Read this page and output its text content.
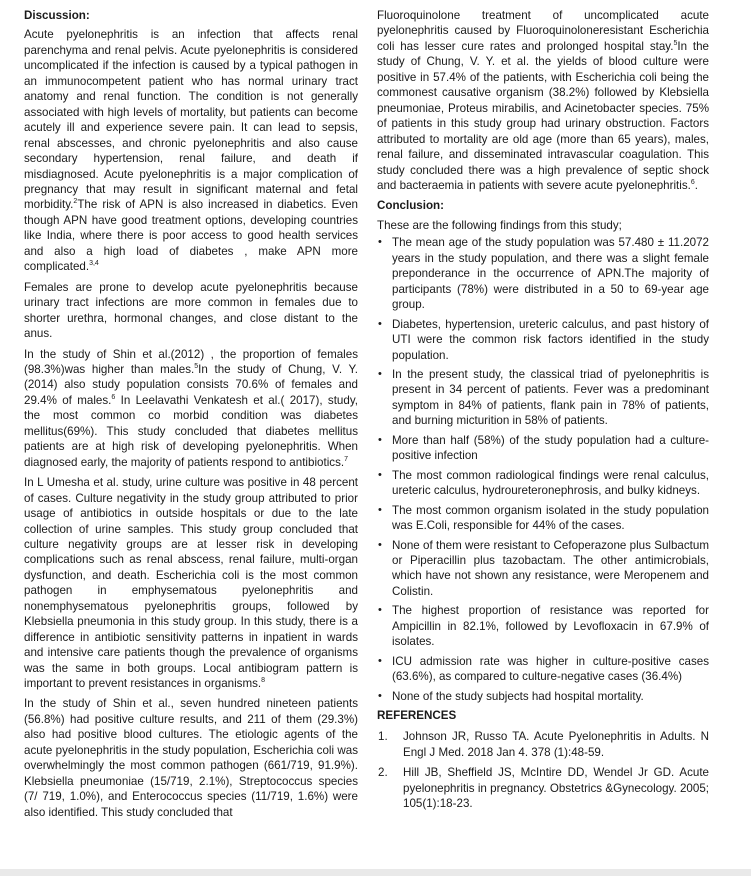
Discussion:

Acute pyelonephritis is an infection that affects renal parenchyma and renal pelvis. Acute pyelonephritis is considered uncomplicated if the infection is caused by a typical pathogen in an immunocompetent patient who has normal urinary tract anatomy and renal function. The condition is not generally associated with high levels of mortality, but patients can become acutely ill and experience severe pain. It can lead to sepsis, renal abscesses, and chronic pyelonephritis and also cause secondary hypertension, renal failure, and death if misdiagnosed. Acute pyelonephritis is a major complication of pregnancy that may result in significant maternal and fetal morbidity.$^2$The risk of APN is also increased in diabetics. Even though APN have good treatment options, developing countries like India, where there is poor access to good health services and also a high load of diabetes , make APN more complicated.$^{3,4}$

Females are prone to develop acute pyelonephritis because urinary tract infections are more common in females due to shorter urethra, hormonal changes, and close distant to the anus.

In the study of Shin et al.(2012) , the proportion of females (98.3%)was higher than males.$^5$In the study of Chung, V. Y.(2014) also study population consists 70.6% of females and 29.4% of males.$^6$ In Leelavathi Venkatesh et al.( 2017), study, the most common co morbid condition was diabetes mellitus(69%). This study concluded that diabetes mellitus patients are at high risk of developing pyelonephritis. When diagnosed early, the majority of patients respond to antibiotics.$^7$

In L Umesha et al. study, urine culture was positive in 48 percent of cases. Culture negativity in the study group attributed to prior usage of antibiotics in outside hospitals or due to the late collection of urine samples. This study group concluded that culture negativity groups are at lesser risk in developing complications such as renal abscess, renal failure, multi-organ dysfunction, and death. Escherichia coli is the most common pathogen in emphysematous pyelonephritis and nonemphysematous pyelonephritis groups, followed by Klebsiella pneumonia in this study group. In this study, there is a difference in antibiotic sensitivity patterns in inpatient in wards and intensive care patients though the prevalence of organisms was the same in both groups. Local antibiogram pattern is important to prevent resistances in organisms.$^8$

In the study of Shin et al., seven hundred nineteen patients (56.8%) had positive culture results, and 211 of them (29.3%) also had positive blood cultures. The etiologic agents of the acute pyelonephritis in the study population, Escherichia coli was overwhelmingly the most common pathogen (661/719, 91.9%). Klebsiella pneumoniae (15/719, 2.1%), Streptococcus species (7/ 719, 1.0%), and Enterococcus species (11/719, 1.6%) were also identified. This study concluded that

Fluoroquinolone treatment of uncomplicated acute pyelonephritis caused by Fluoroquinoloneresistant Escherichia coli has lesser cure rates and prolonged hospital stay.$^5$In the study of Chung, V. Y. et al. the yields of blood culture were positive in 57.4% of the patients, with Escherichia coli being the commonest causative organism (38.2%) followed by Klebsiella pneumoniae, Proteus mirabilis, and Acinetobacter species. 75% of patients in this study group had urinary obstruction. Factors attributed to mortality are old age (more than 65 years), males, renal failure, and disseminated intravascular coagulation. This study concluded there was a high prevalence of septic shock and bacteraemia in patients with severe acute pyelonephritis.$^6$.

Conclusion:

These are the following findings from this study;

• The mean age of the study population was 57.480 ± 11.2072 years in the study population, and there was a slight female preponderance in the occurrence of APN.The majority of participants (78%) were distributed in a 50 to 69-year age group.
• Diabetes, hypertension, ureteric calculus, and past history of UTI were the common risk factors identified in the study population.
• In the present study, the classical triad of pyelonephritis is present in 34 percent of patients. Fever was a predominant symptom in 84% of patients, flank pain in 78% of patients, and burning micturition in 58% of patients.
• More than half (58%) of the study population had a culture-positive infection
• The most common radiological findings were renal calculus, ureteric calculus, hydroureteronephrosis, and bulky kidneys.
• The most common organism isolated in the study population was E.Coli, responsible for 44% of the cases.
• None of them were resistant to Cefoperazone plus Sulbactum or Piperacillin plus tazobactam. The other antimicrobials, which have not shown any resistance, were Meropenem and Colistin.
• The highest proportion of resistance was reported for Ampicillin in 82.1%, followed by Levofloxacin in 67.9% of isolates.
• ICU admission rate was higher in culture-positive cases (63.6%), as compared to culture-negative cases (36.4%)
• None of the study subjects had hospital mortality.
REFERENCES
1. Johnson JR, Russo TA. Acute Pyelonephritis in Adults. N Engl J Med. 2018 Jan 4. 378 (1):48-59.
2. Hill JB, Sheffield JS, McIntire DD, Wendel Jr GD. Acute pyelonephritis in pregnancy. Obstetrics &Gynecology. 2005; 105(1):18-23.
